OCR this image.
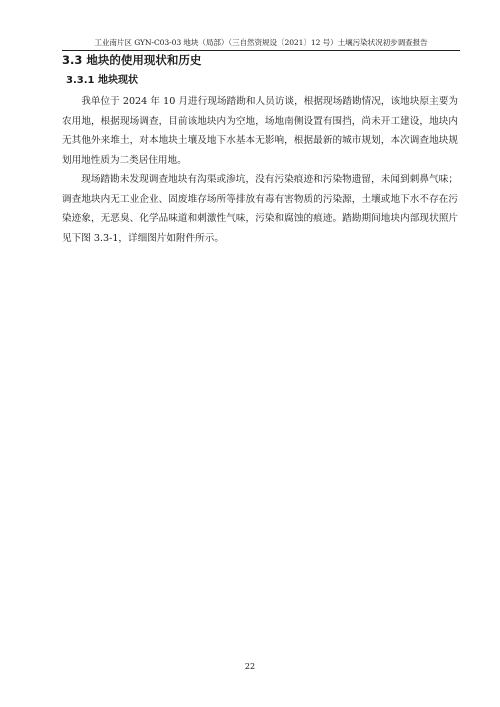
工业南片区 GYN-C03-03 地块（局部）（三自然资规设〔2021〕12 号）土壤污染状况初步调查报告
3.3 地块的使用现状和历史
3.3.1 地块现状

我单位于 2024 年 10 月进行现场踏勘和人员访谈，根据现场踏勘情况，该地块原主要为农用地，根据现场调查，目前该地块内为空地，场地南侧设置有围挡，尚未开工建设，地块内无其他外来堆土，对本地块土壤及地下水基本无影响，根据最新的城市规划，本次调查地块规划用地性质为二类居住用地。

现场踏勘未发现调查地块有沟渠或渗坑，没有污染痕迹和污染物遗留，未闻到刺鼻气味；调查地块内无工业企业、固废堆存场所等排放有毒有害物质的污染源，土壤或地下水不存在污染迹象，无恶臭、化学品味道和刺激性气味，污染和腐蚀的痕迹。踏勘期间地块内部现状照片见下图 3.3-1，详细图片如附件所示。

22
